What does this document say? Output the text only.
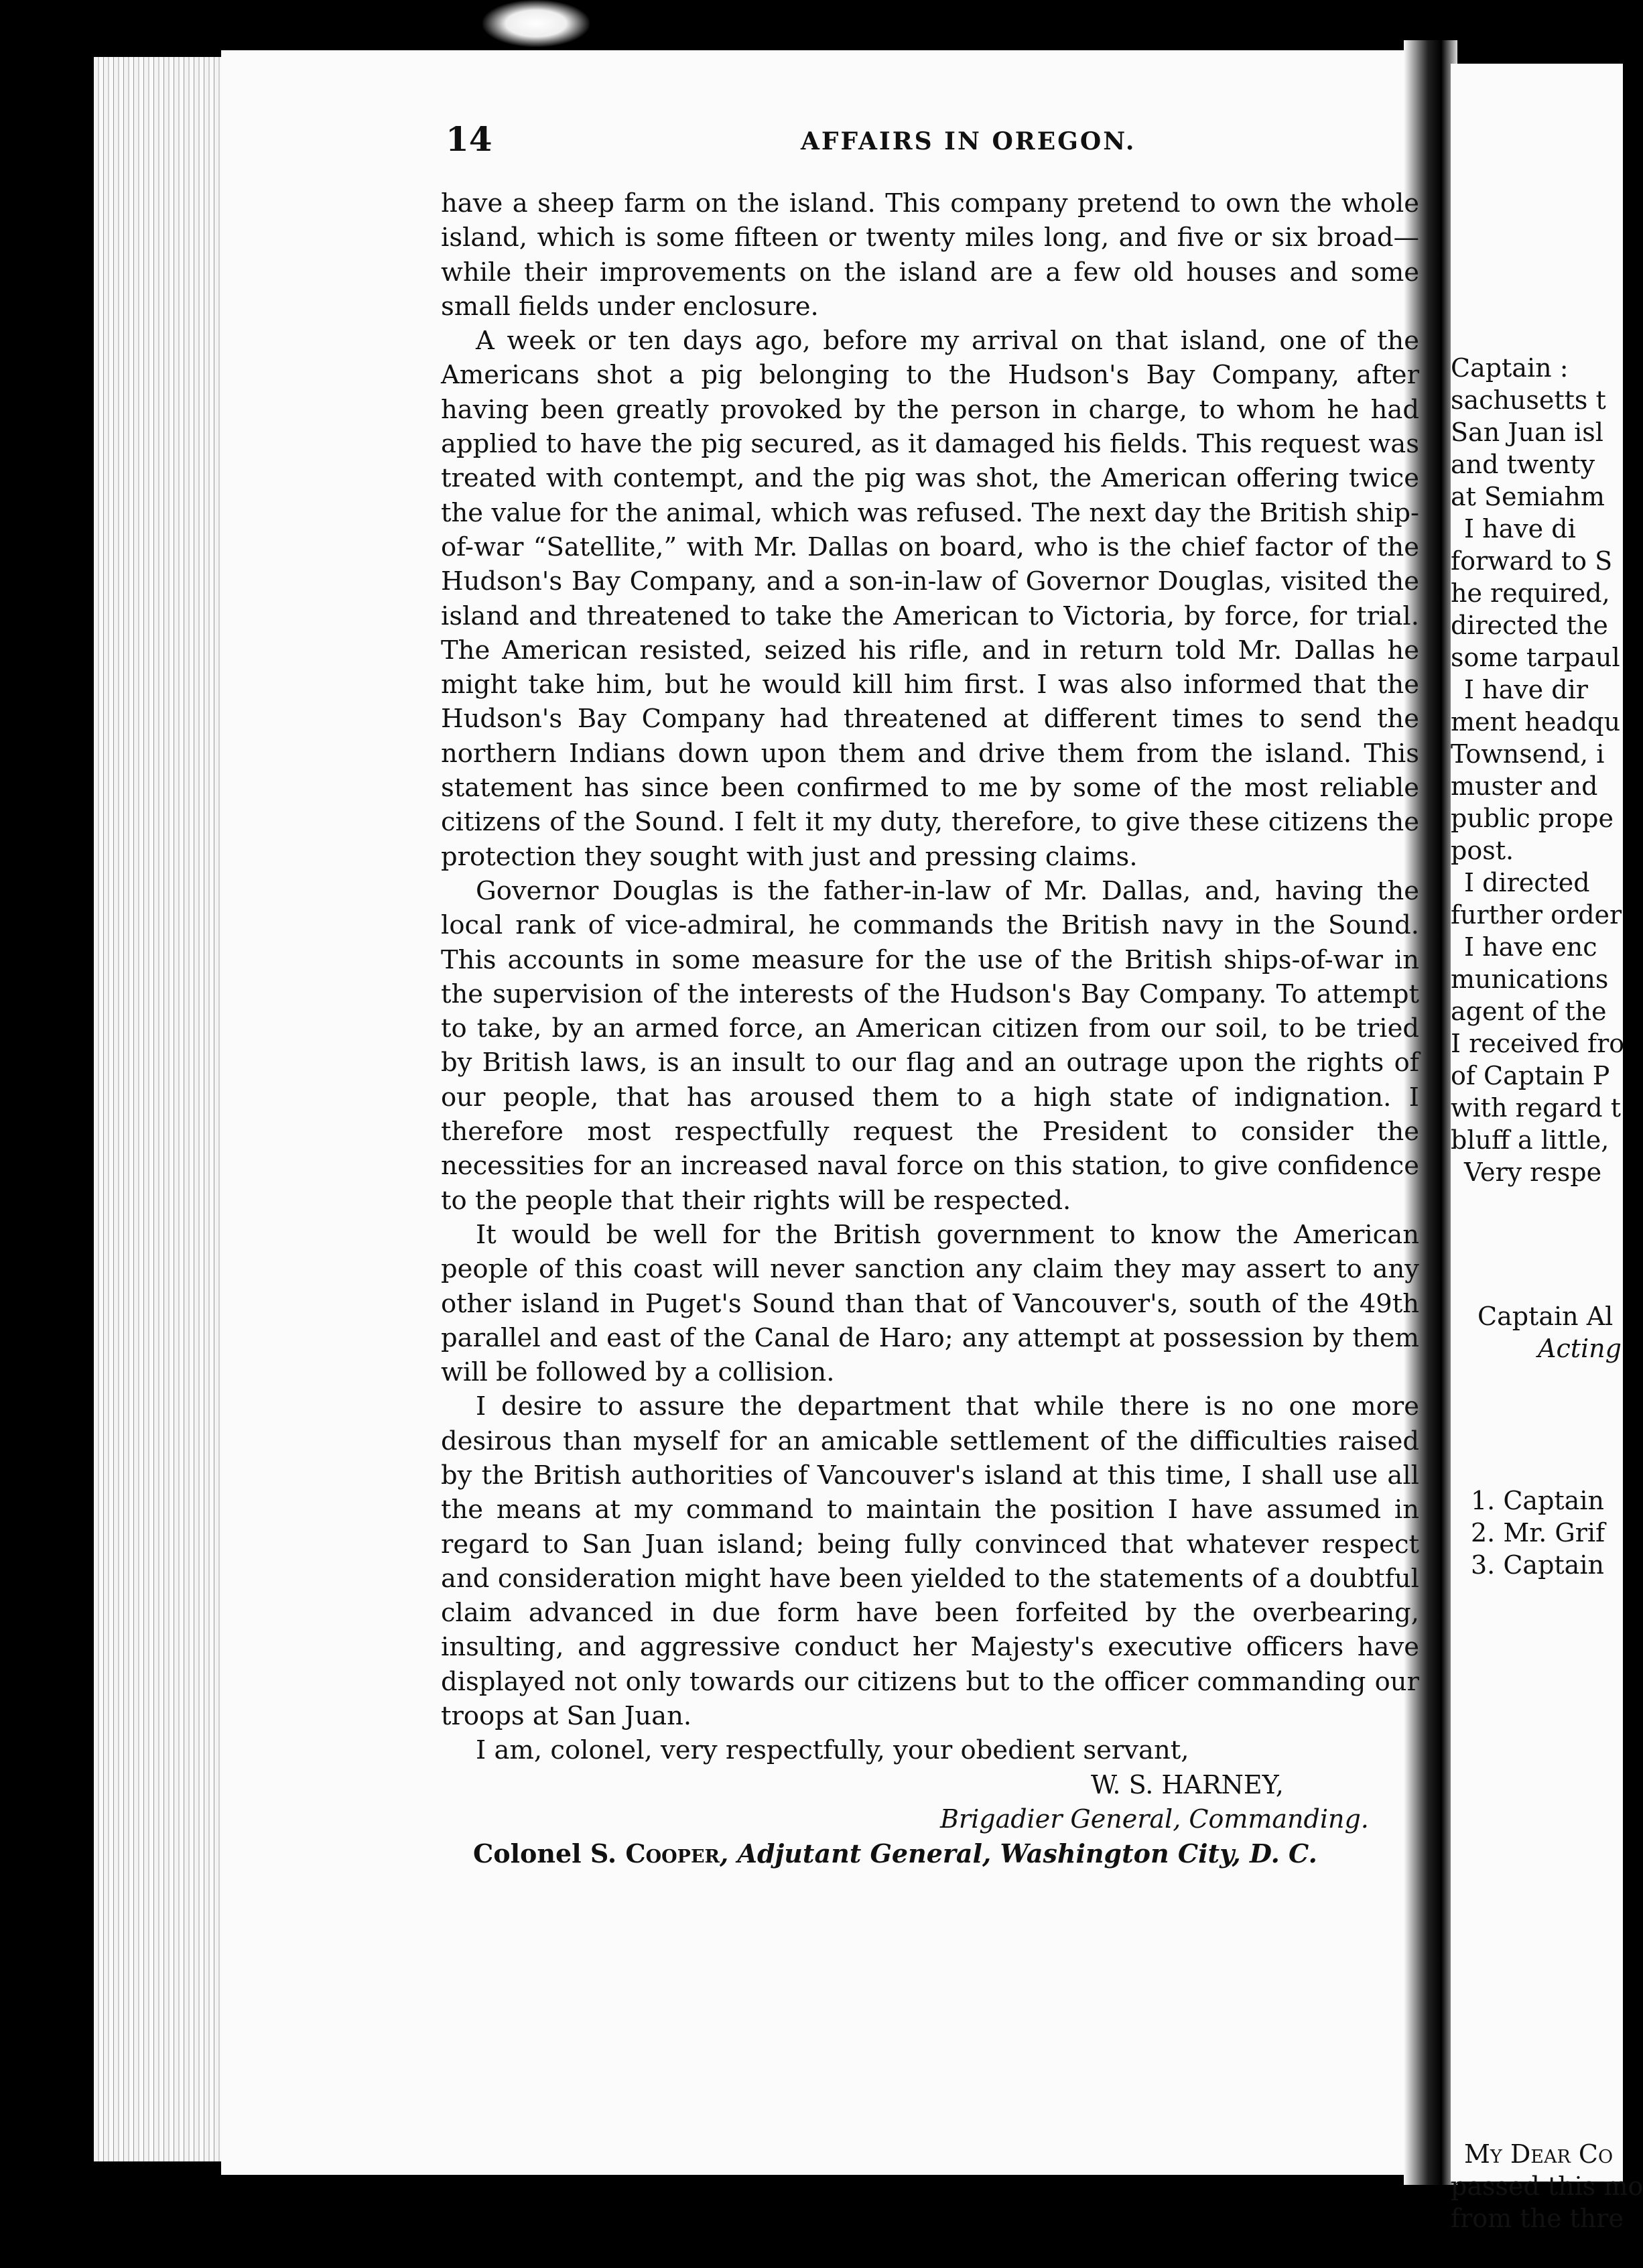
14	AFFAIRS IN OREGON.

have a sheep farm on the island. This company pretend to own the whole island, which is some fifteen or twenty miles long, and five or six broad—while their improvements on the island are a few old houses and some small fields under enclosure.

A week or ten days ago, before my arrival on that island, one of the Americans shot a pig belonging to the Hudson's Bay Company, after having been greatly provoked by the person in charge, to whom he had applied to have the pig secured, as it damaged his fields. This request was treated with contempt, and the pig was shot, the American offering twice the value for the animal, which was refused. The next day the British ship-of-war “Satellite,” with Mr. Dallas on board, who is the chief factor of the Hudson's Bay Company, and a son-in-law of Governor Douglas, visited the island and threatened to take the American to Victoria, by force, for trial. The American resisted, seized his rifle, and in return told Mr. Dallas he might take him, but he would kill him first. I was also informed that the Hudson's Bay Company had threatened at different times to send the northern Indians down upon them and drive them from the island. This statement has since been confirmed to me by some of the most reliable citizens of the Sound. I felt it my duty, therefore, to give these citizens the protection they sought with just and pressing claims.

Governor Douglas is the father-in-law of Mr. Dallas, and, having the local rank of vice-admiral, he commands the British navy in the Sound. This accounts in some measure for the use of the British ships-of-war in the supervision of the interests of the Hudson's Bay Company. To attempt to take, by an armed force, an American citizen from our soil, to be tried by British laws, is an insult to our flag and an outrage upon the rights of our people, that has aroused them to a high state of indignation. I therefore most respectfully request the President to consider the necessities for an increased naval force on this station, to give confidence to the people that their rights will be respected.

It would be well for the British government to know the American people of this coast will never sanction any claim they may assert to any other island in Puget's Sound than that of Vancouver's, south of the 49th parallel and east of the Canal de Haro; any attempt at possession by them will be followed by a collision.

I desire to assure the department that while there is no one more desirous than myself for an amicable settlement of the difficulties raised by the British authorities of Vancouver's island at this time, I shall use all the means at my command to maintain the position I have assumed in regard to San Juan island; being fully convinced that whatever respect and consideration might have been yielded to the statements of a doubtful claim advanced in due form have been forfeited by the overbearing, insulting, and aggressive conduct her Majesty's executive officers have displayed not only towards our citizens but to the officer commanding our troops at San Juan.

I am, colonel, very respectfully, your obedient servant,

W. S. HARNEY,

Brigadier General, Commanding.

Colonel S. Cooper, Adjutant General, Washington City, D. C.

Captain :
sachusetts t
San Juan isl
and twenty
at Semiahm
I have di
forward to S
he required,
directed the
some tarpaul
I have dir
ment headqu
Townsend, i
muster and
public prope
post.
I directed
further order
I have enc
munications
agent of the
I received fro
of Captain P
with regard t
bluff a little,
Very respe
Captain Al
Acting
1. Captain
2. Mr. Grif
3. Captain
My Dear Co
passed this mo
from the thre
